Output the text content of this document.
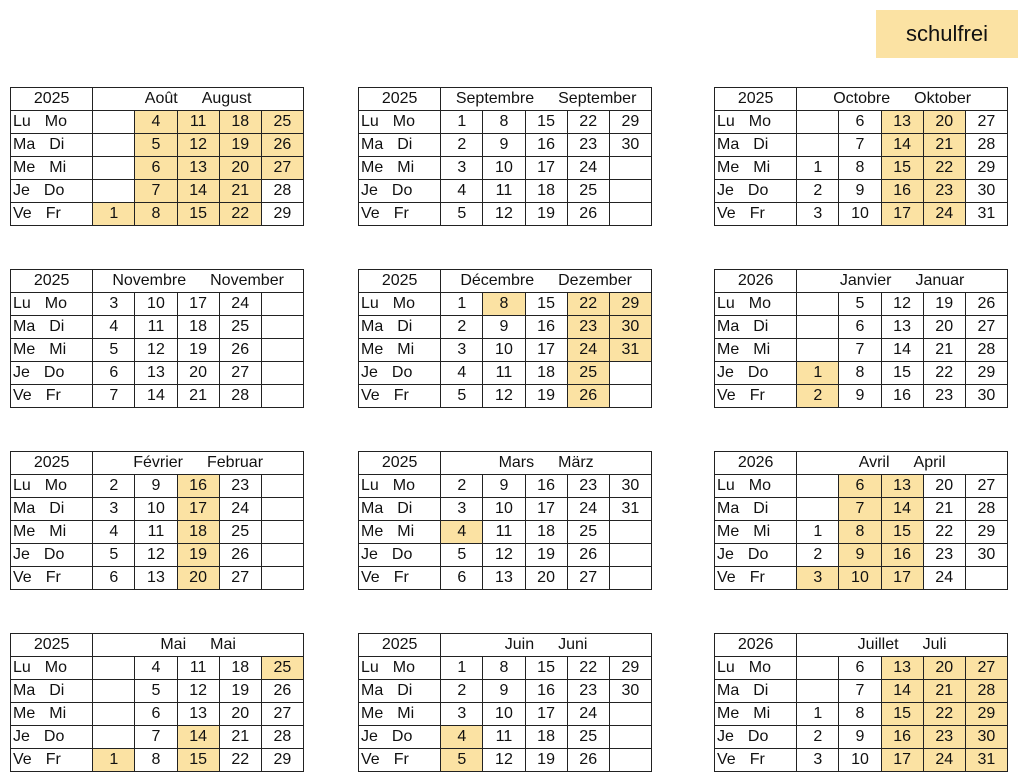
schulfrei
2025	Août August				
Lu Mo		4	11	18	25
Ma Di		5	12	19	26
Me Mi		6	13	20	27
Je Do		7	14	21	28
Ve Fr	1	8	15	22	29
2025	Septembre September				
Lu Mo	1	8	15	22	29
Ma Di	2	9	16	23	30
Me Mi	3	10	17	24	
Je Do	4	11	18	25	
Ve Fr	5	12	19	26	
2025	Octobre Oktober				
Lu Mo		6	13	20	27
Ma Di		7	14	21	28
Me Mi	1	8	15	22	29
Je Do	2	9	16	23	30
Ve Fr	3	10	17	24	31
2025	Novembre November				
Lu Mo	3	10	17	24	
Ma Di	4	11	18	25	
Me Mi	5	12	19	26	
Je Do	6	13	20	27	
Ve Fr	7	14	21	28	
2025	Décembre Dezember				
Lu Mo	1	8	15	22	29
Ma Di	2	9	16	23	30
Me Mi	3	10	17	24	31
Je Do	4	11	18	25	
Ve Fr	5	12	19	26	
2026	Janvier Januar				
Lu Mo		5	12	19	26
Ma Di		6	13	20	27
Me Mi		7	14	21	28
Je Do	1	8	15	22	29
Ve Fr	2	9	16	23	30
2025	Février Februar				
Lu Mo	2	9	16	23	
Ma Di	3	10	17	24	
Me Mi	4	11	18	25	
Je Do	5	12	19	26	
Ve Fr	6	13	20	27	
2025	Mars März				
Lu Mo	2	9	16	23	30
Ma Di	3	10	17	24	31
Me Mi	4	11	18	25	
Je Do	5	12	19	26	
Ve Fr	6	13	20	27	
2026	Avril April				
Lu Mo		6	13	20	27
Ma Di		7	14	21	28
Me Mi	1	8	15	22	29
Je Do	2	9	16	23	30
Ve Fr	3	10	17	24	
2025	Mai Mai				
Lu Mo		4	11	18	25
Ma Di		5	12	19	26
Me Mi		6	13	20	27
Je Do		7	14	21	28
Ve Fr	1	8	15	22	29
2025	Juin Juni				
Lu Mo	1	8	15	22	29
Ma Di	2	9	16	23	30
Me Mi	3	10	17	24	
Je Do	4	11	18	25	
Ve Fr	5	12	19	26	
2026	Juillet Juli				
Lu Mo		6	13	20	27
Ma Di		7	14	21	28
Me Mi	1	8	15	22	29
Je Do	2	9	16	23	30
Ve Fr	3	10	17	24	31
